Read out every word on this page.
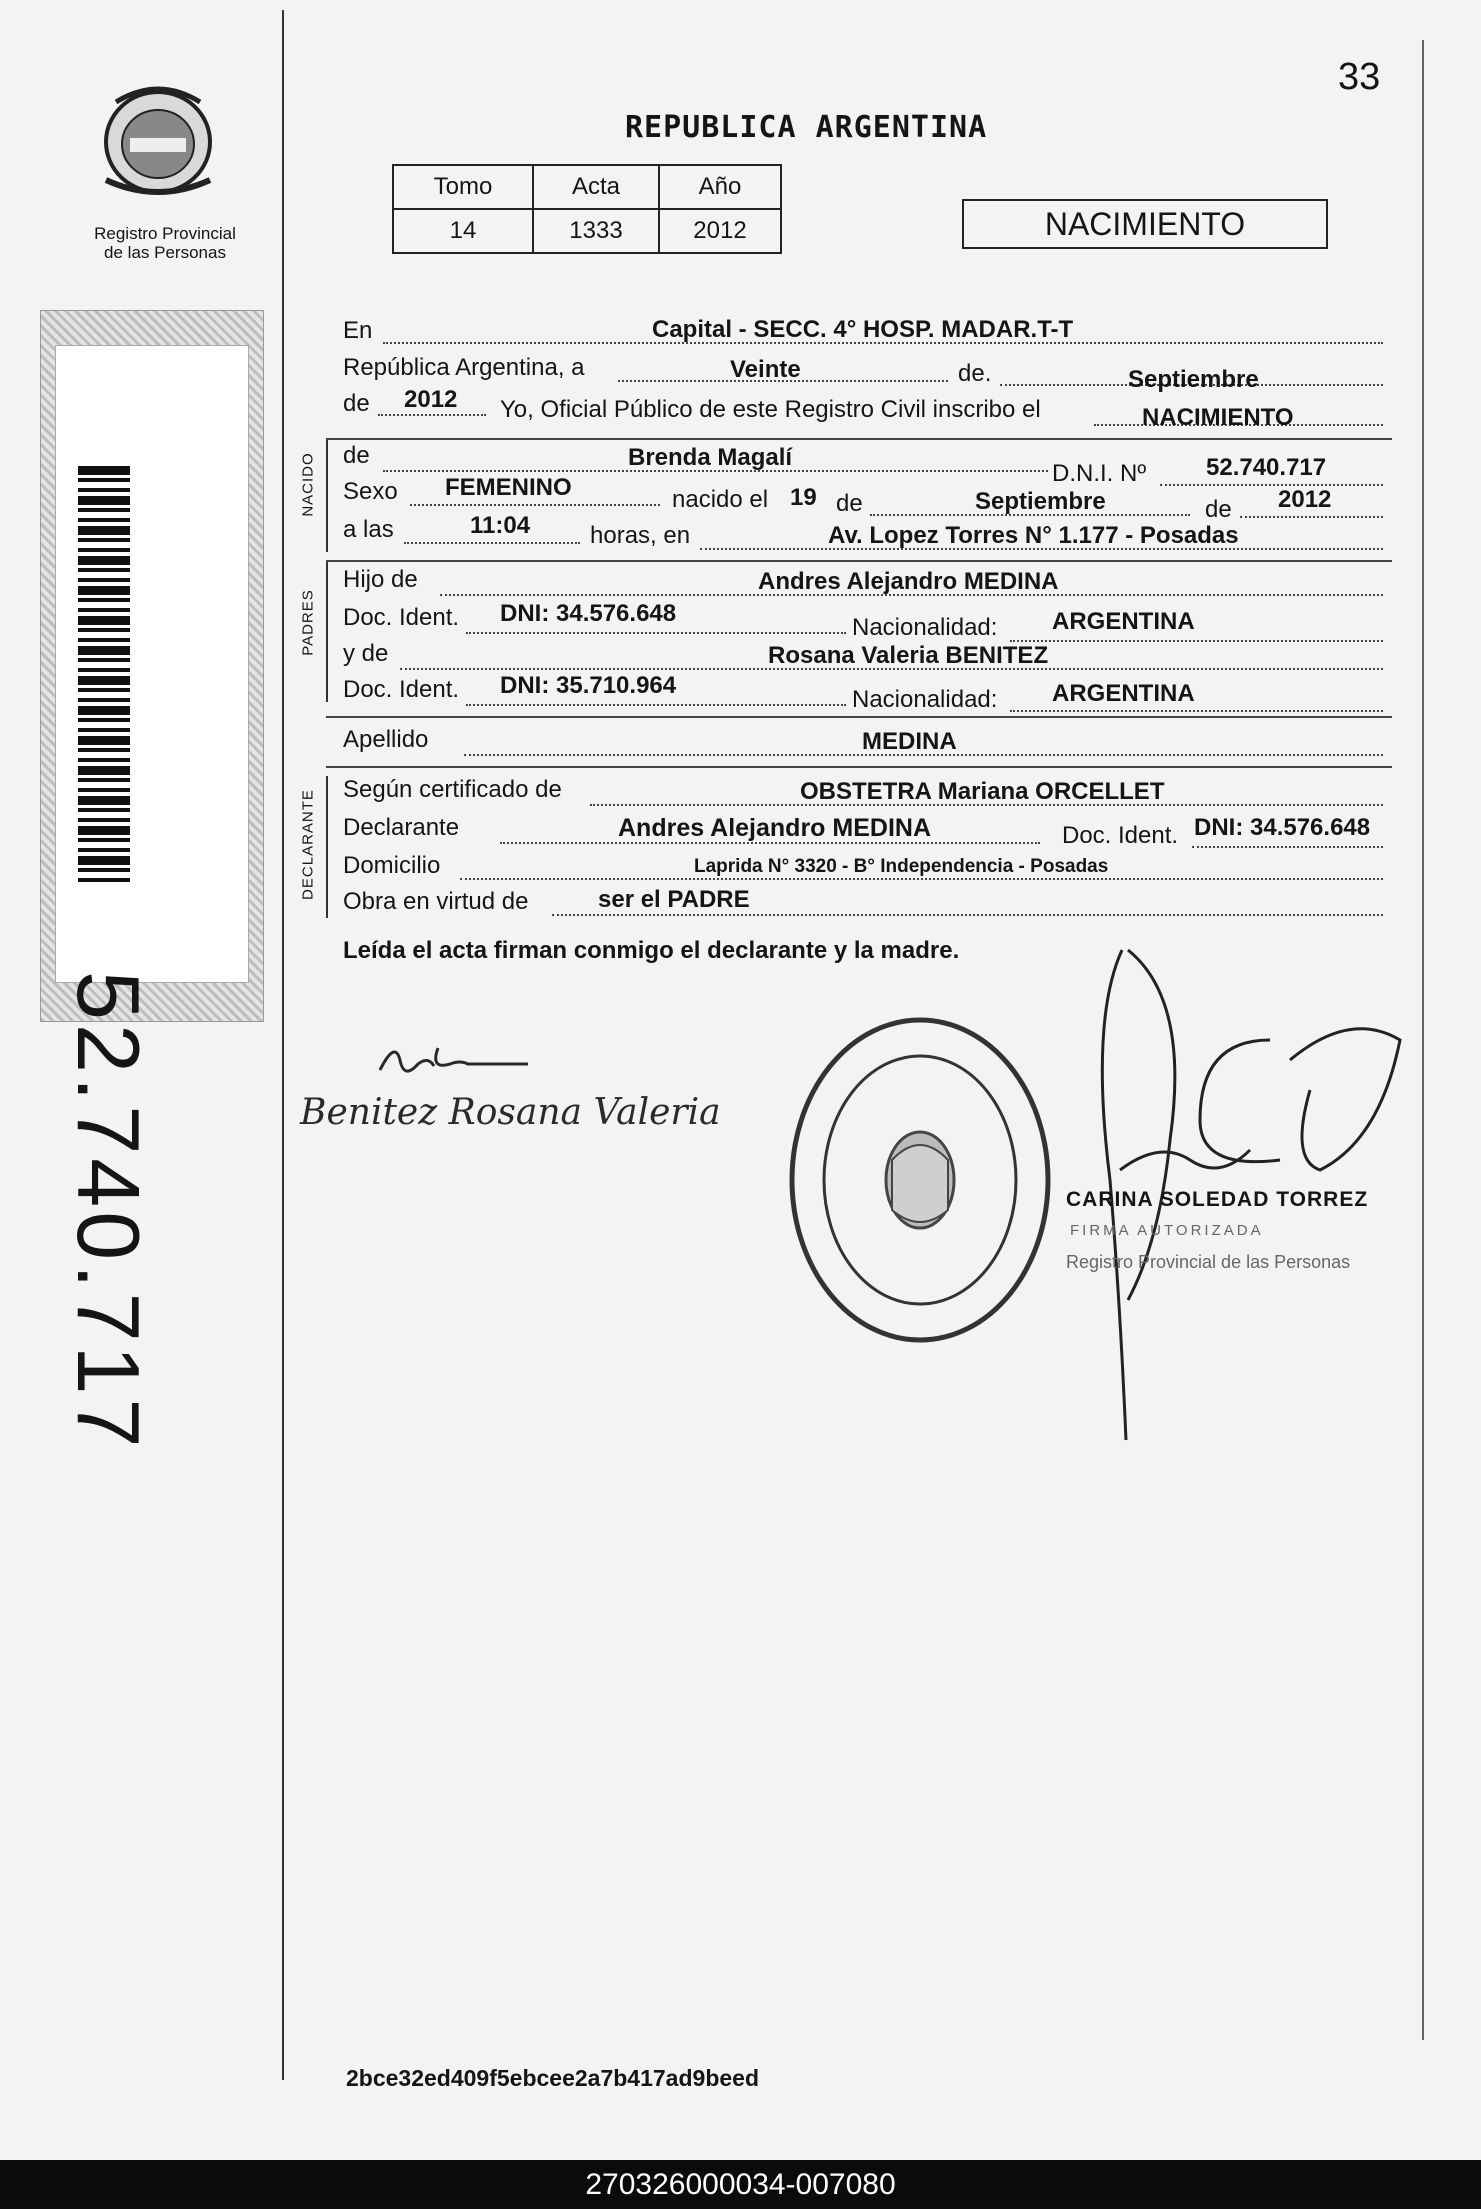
Registro Provincial
de las Personas
52.740.717
33
REPUBLICA ARGENTINA
Tomo	Acta	Año
14	1333	2012	NACIMIENTO
En	Capital - SECC. 4° HOSP. MADAR.T-T
República Argentina, a	Veinte	de.	Septiembre
de 2012 Yo, Oficial Público de este Registro Civil inscribo el	NACIMIENTO
NACIDO de	Brenda Magalí
D.N.I. Nº 52.740.717
Sexo FEMENINO	nacido el 19 de	Septiembre	de 2012
a las	11:04 horas, en	Av. Lopez Torres N° 1.177 - Posadas
PADRES
Hijo de	Andres Alejandro MEDINA
Doc. Ident. DNI: 34.576.648
Nacionalidad: ARGENTINA
y de	Rosana Valeria BENITEZ
Doc. Ident. DNI: 35.710.964
Nacionalidad: ARGENTINA
Apellido	MEDINA
DECLARANTE Según certificado de	OBSTETRA Mariana ORCELLET
Declarante	Andres Alejandro MEDINA	Doc. Ident. DNI: 34.576.648
Domicilio	Laprida N° 3320 - B° Independencia - Posadas
Obra en virtud de	ser el PADRE
Leída el acta firman conmigo el declarante y la madre.
Benitez Rosana Valeria
CARINA SOLEDAD TORREZ
FIRMA AUTORIZADA
Registro Provincial de las Personas
2bce32ed409f5ebcee2a7b417ad9beed
270326000034-007080
